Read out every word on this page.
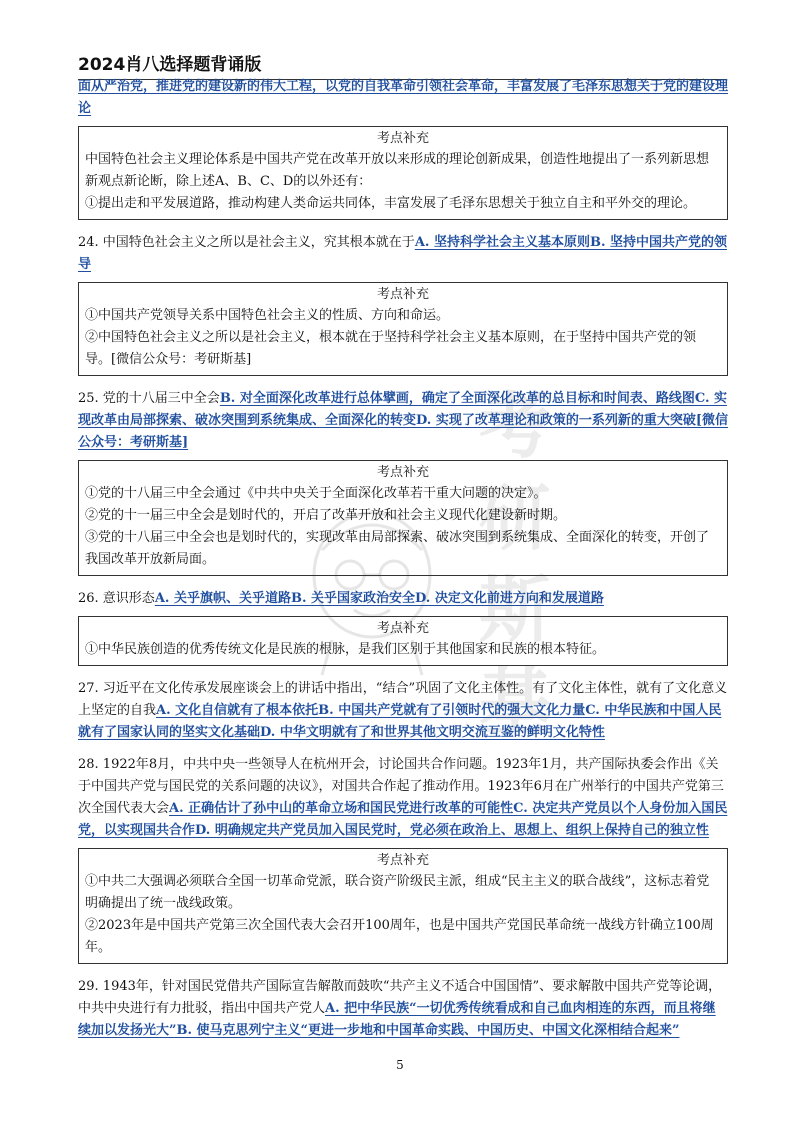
2024肖八选择题背诵版
考
研
斯
基

面从严治党，推进党的建设新的伟大工程，以党的自我革命引领社会革命，丰富发展了毛泽东思想关于党的建设理论

考点补充

中国特色社会主义理论体系是中国共产党在改革开放以来形成的理论创新成果，创造性地提出了一系列新思想新观点新论断，除上述A、B、C、D的以外还有：

①提出走和平发展道路，推动构建人类命运共同体，丰富发展了毛泽东思想关于独立自主和平外交的理论。

24. 中国特色社会主义之所以是社会主义，究其根本就在于A. 坚持科学社会主义基本原则B. 坚持中国共产党的领导

考点补充

①中国共产党领导关系中国特色社会主义的性质、方向和命运。

②中国特色社会主义之所以是社会主义，根本就在于坚持科学社会主义基本原则，在于坚持中国共产党的领导。[微信公众号：考研斯基]

25. 党的十八届三中全会B. 对全面深化改革进行总体擘画，确定了全面深化改革的总目标和时间表、路线图C. 实现改革由局部探索、破冰突围到系统集成、全面深化的转变D. 实现了改革理论和政策的一系列新的重大突破[微信公众号：考研斯基]

考点补充

①党的十八届三中全会通过《中共中央关于全面深化改革若干重大问题的决定》。

②党的十一届三中全会是划时代的，开启了改革开放和社会主义现代化建设新时期。

③党的十八届三中全会也是划时代的，实现改革由局部探索、破冰突围到系统集成、全面深化的转变，开创了我国改革开放新局面。

26. 意识形态A. 关乎旗帜、关乎道路B. 关乎国家政治安全D. 决定文化前进方向和发展道路

考点补充

①中华民族创造的优秀传统文化是民族的根脉，是我们区别于其他国家和民族的根本特征。

27. 习近平在文化传承发展座谈会上的讲话中指出，“结合”巩固了文化主体性。有了文化主体性，就有了文化意义上坚定的自我A. 文化自信就有了根本依托B. 中国共产党就有了引领时代的强大文化力量C. 中华民族和中国人民就有了国家认同的坚实文化基础D. 中华文明就有了和世界其他文明交流互鉴的鲜明文化特性

28. 1922年8月，中共中央一些领导人在杭州开会，讨论国共合作问题。1923年1月，共产国际执委会作出《关于中国共产党与国民党的关系问题的决议》，对国共合作起了推动作用。1923年6月在广州举行的中国共产党第三次全国代表大会A. 正确估计了孙中山的革命立场和国民党进行改革的可能性C. 决定共产党员以个人身份加入国民党，以实现国共合作D. 明确规定共产党员加入国民党时，党必须在政治上、思想上、组织上保持自己的独立性

考点补充

①中共二大强调必须联合全国一切革命党派，联合资产阶级民主派，组成“民主主义的联合战线”，这标志着党明确提出了统一战线政策。

②2023年是中国共产党第三次全国代表大会召开100周年，也是中国共产党国民革命统一战线方针确立100周年。

29. 1943年，针对国民党借共产国际宣告解散而鼓吹“共产主义不适合中国国情”、要求解散中国共产党等论调，中共中央进行有力批驳，指出中国共产党人A. 把中华民族“一切优秀传统看成和自己血肉相连的东西，而且将继续加以发扬光大”B. 使马克思列宁主义“更进一步地和中国革命实践、中国历史、中国文化深相结合起来”

5
